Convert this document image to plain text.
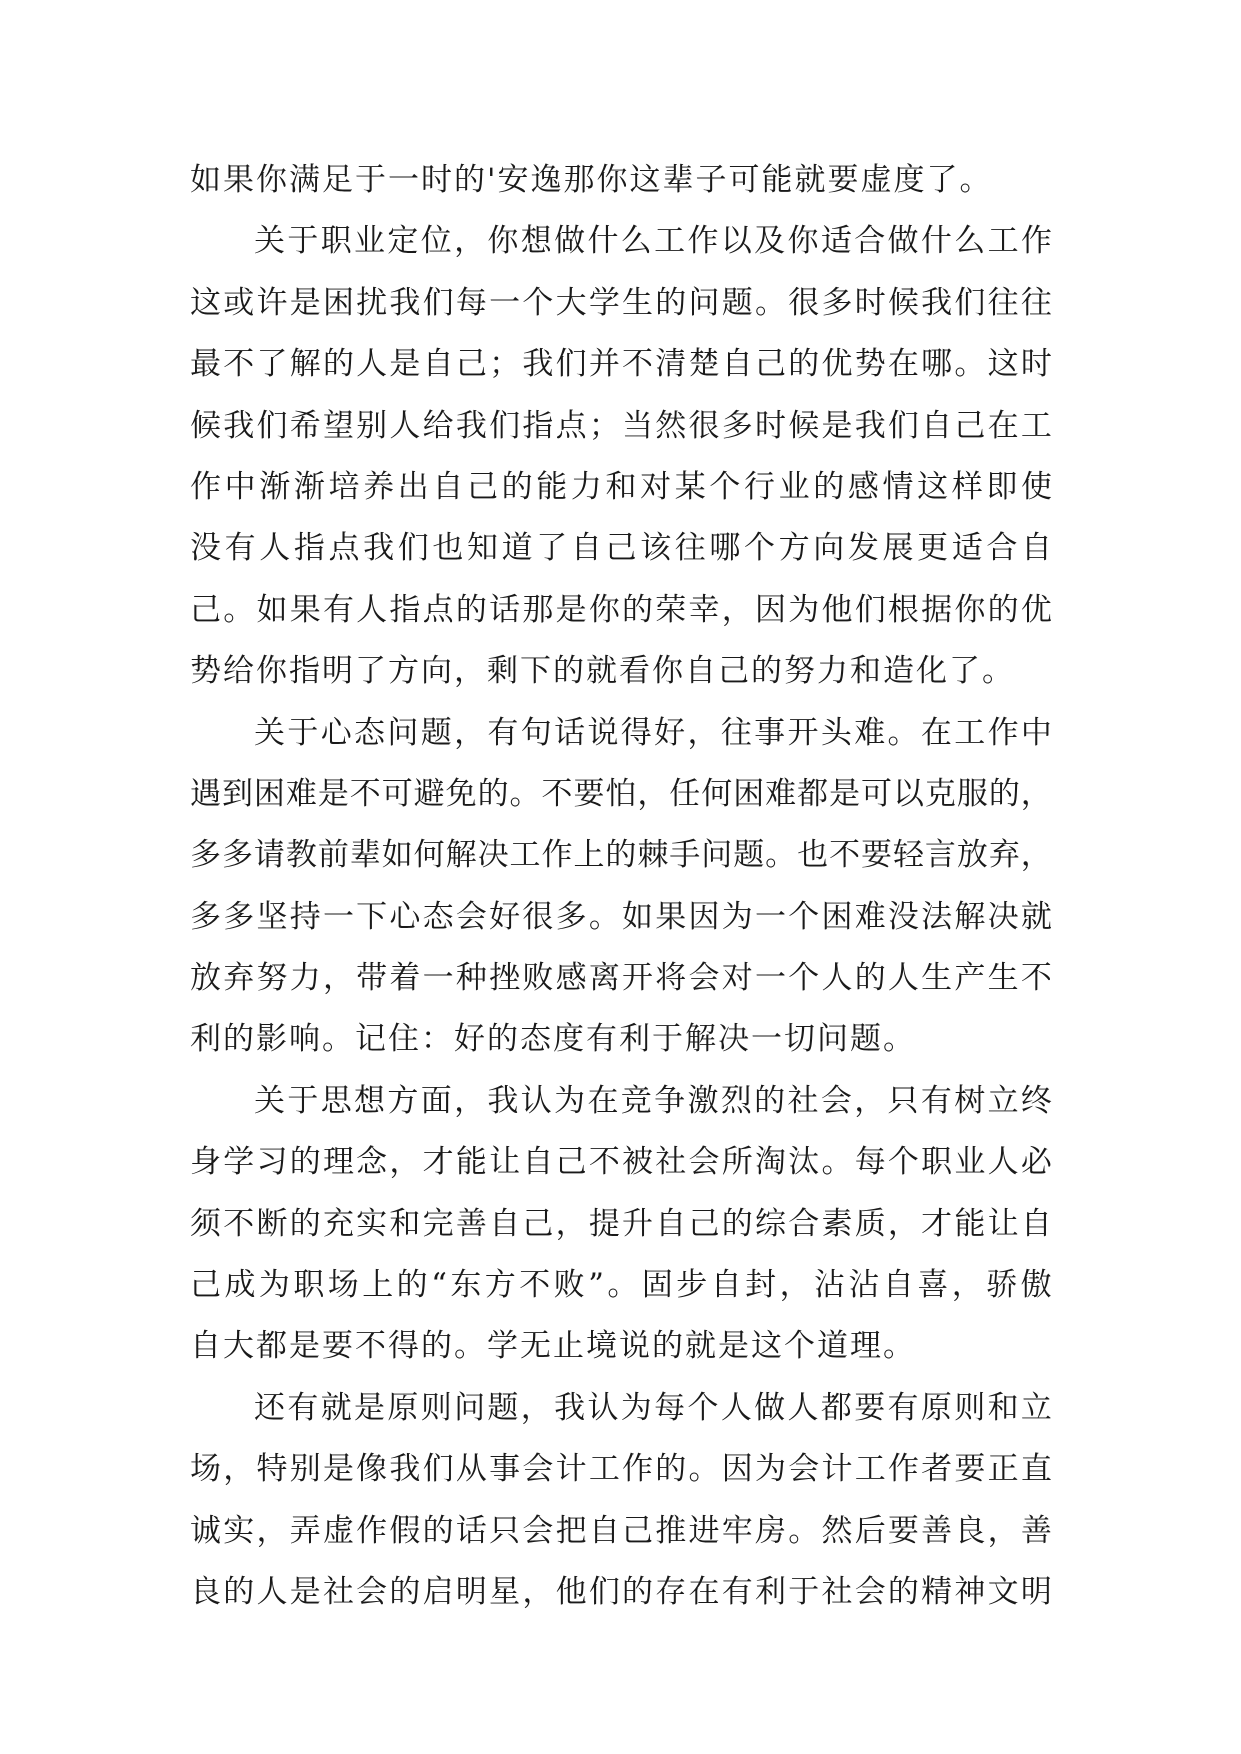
如果你满足于一时的'安逸那你这辈子可能就要虚度了。
关 于 职 业 定 位 ， 你 想 做 什 么 工 作 以 及 你 适 合 做 什 么 工 作
这 或 许 是 困 扰 我 们 每 一 个 大 学 生 的 问 题 。 很 多 时 候 我 们 往 往
最 不 了 解 的 人 是 自 己 ； 我 们 并 不 清 楚 自 己 的 优 势 在 哪 。 这 时
候 我 们 希 望 别 人 给 我 们 指 点 ； 当 然 很 多 时 候 是 我 们 自 己 在 工
作 中 渐 渐 培 养 出 自 己 的 能 力 和 对 某 个 行 业 的 感 情 这 样 即 使
没 有 人 指 点 我 们 也 知 道 了 自 己 该 往 哪 个 方 向 发 展 更 适 合 自
己 。 如 果 有 人 指 点 的 话 那 是 你 的 荣 幸 ， 因 为 他 们 根 据 你 的 优
势给你指明了方向，剩下的就看你自己的努力和造化了。
关 于 心 态 问 题 ， 有 句 话 说 得 好 ， 往 事 开 头 难 。 在 工 作 中
遇 到 困 难 是 不 可 避 免 的 。 不 要 怕 ， 任 何 困 难 都 是 可 以 克 服 的 ，
多 多 请 教 前 辈 如 何 解 决 工 作 上 的 棘 手 问 题 。 也 不 要 轻 言 放 弃 ，
多 多 坚 持 一 下 心 态 会 好 很 多 。 如 果 因 为 一 个 困 难 没 法 解 决 就
放 弃 努 力 ， 带 着 一 种 挫 败 感 离 开 将 会 对 一 个 人 的 人 生 产 生 不
利的影响。记住：好的态度有利于解决一切问题。
关 于 思 想 方 面 ， 我 认 为 在 竞 争 激 烈 的 社 会 ， 只 有 树 立 终
身 学 习 的 理 念 ， 才 能 让 自 己 不 被 社 会 所 淘 汰 。 每 个 职 业 人 必
须 不 断 的 充 实 和 完 善 自 己 ， 提 升 自 己 的 综 合 素 质 ， 才 能 让 自
己 成 为 职 场 上 的 “ 东 方 不 败 ” 。 固 步 自 封 ， 沾 沾 自 喜 ， 骄 傲
自大都是要不得的。学无止境说的就是这个道理。
还 有 就 是 原 则 问 题 ， 我 认 为 每 个 人 做 人 都 要 有 原 则 和 立
场 ， 特 别 是 像 我 们 从 事 会 计 工 作 的 。 因 为 会 计 工 作 者 要 正 直
诚 实 ， 弄 虚 作 假 的 话 只 会 把 自 己 推 进 牢 房 。 然 后 要 善 良 ， 善
良 的 人 是 社 会 的 启 明 星 ， 他 们 的 存 在 有 利 于 社 会 的 精 神 文 明
